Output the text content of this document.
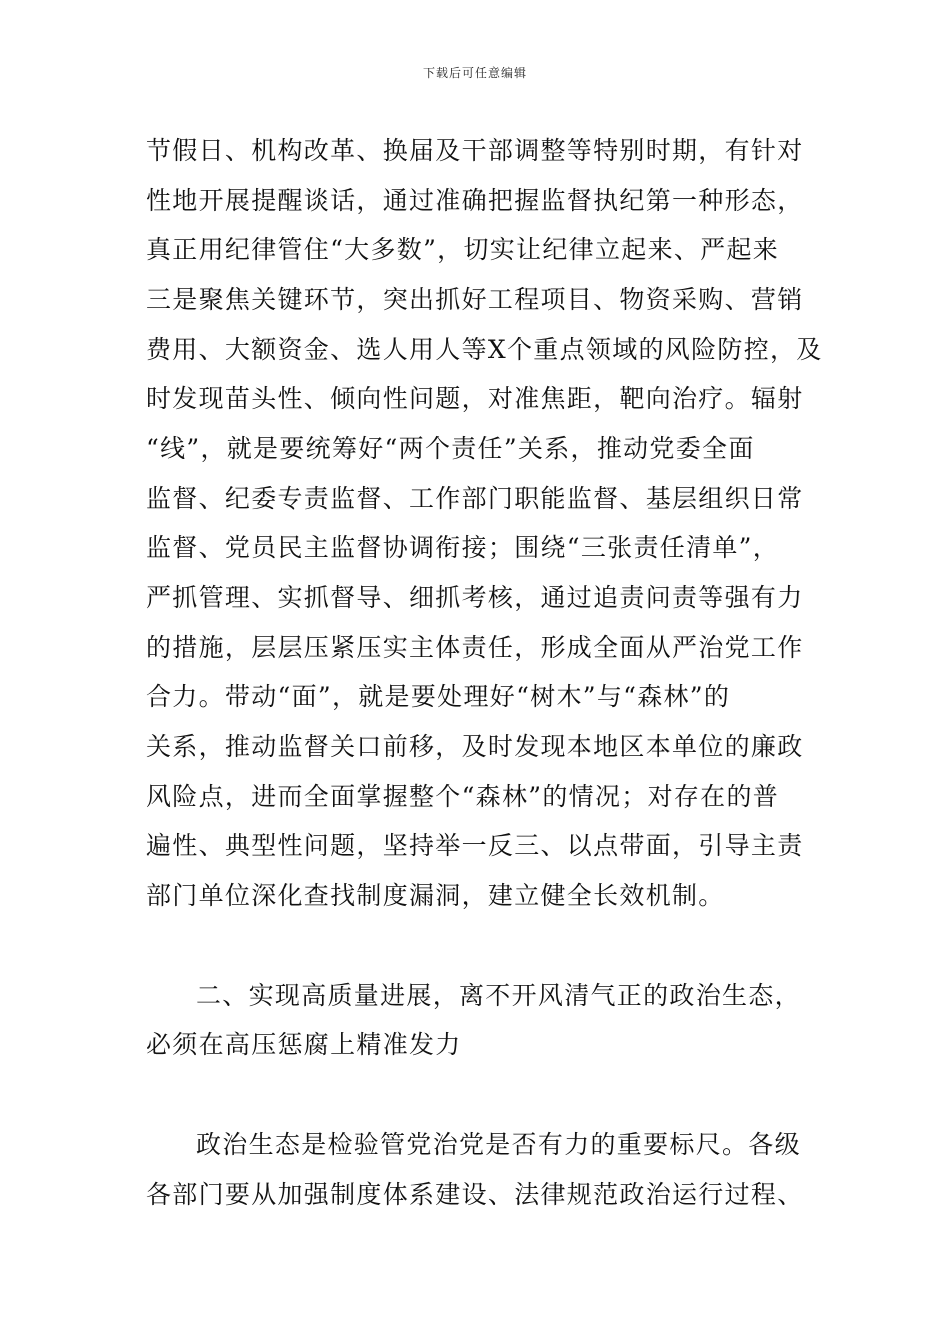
下载后可任意编辑
节假日、机构改革、换届及干部调整等特别时期，有针对
性地开展提醒谈话，通过准确把握监督执纪第一种形态，
真正用纪律管住“大多数”，切实让纪律立起来、严起来
三是聚焦关键环节，突出抓好工程项目、物资采购、营销
费用、大额资金、选人用人等X个重点领域的风险防控，及
时发现苗头性、倾向性问题，对准焦距，靶向治疗。辐射
“线”，就是要统筹好“两个责任”关系，推动党委全面
监督、纪委专责监督、工作部门职能监督、基层组织日常
监督、党员民主监督协调衔接；围绕“三张责任清单”，
严抓管理、实抓督导、细抓考核，通过追责问责等强有力
的措施，层层压紧压实主体责任，形成全面从严治党工作
合力。带动“面”，就是要处理好“树木”与“森林”的
关系，推动监督关口前移，及时发现本地区本单位的廉政
风险点，进而全面掌握整个“森林”的情况；对存在的普
遍性、典型性问题，坚持举一反三、以点带面，引导主责
部门单位深化查找制度漏洞，建立健全长效机制。
二、实现高质量进展，离不开风清气正的政治生态，
必须在高压惩腐上精准发力
政治生态是检验管党治党是否有力的重要标尺。各级
各部门要从加强制度体系建设、法律规范政治运行过程、
